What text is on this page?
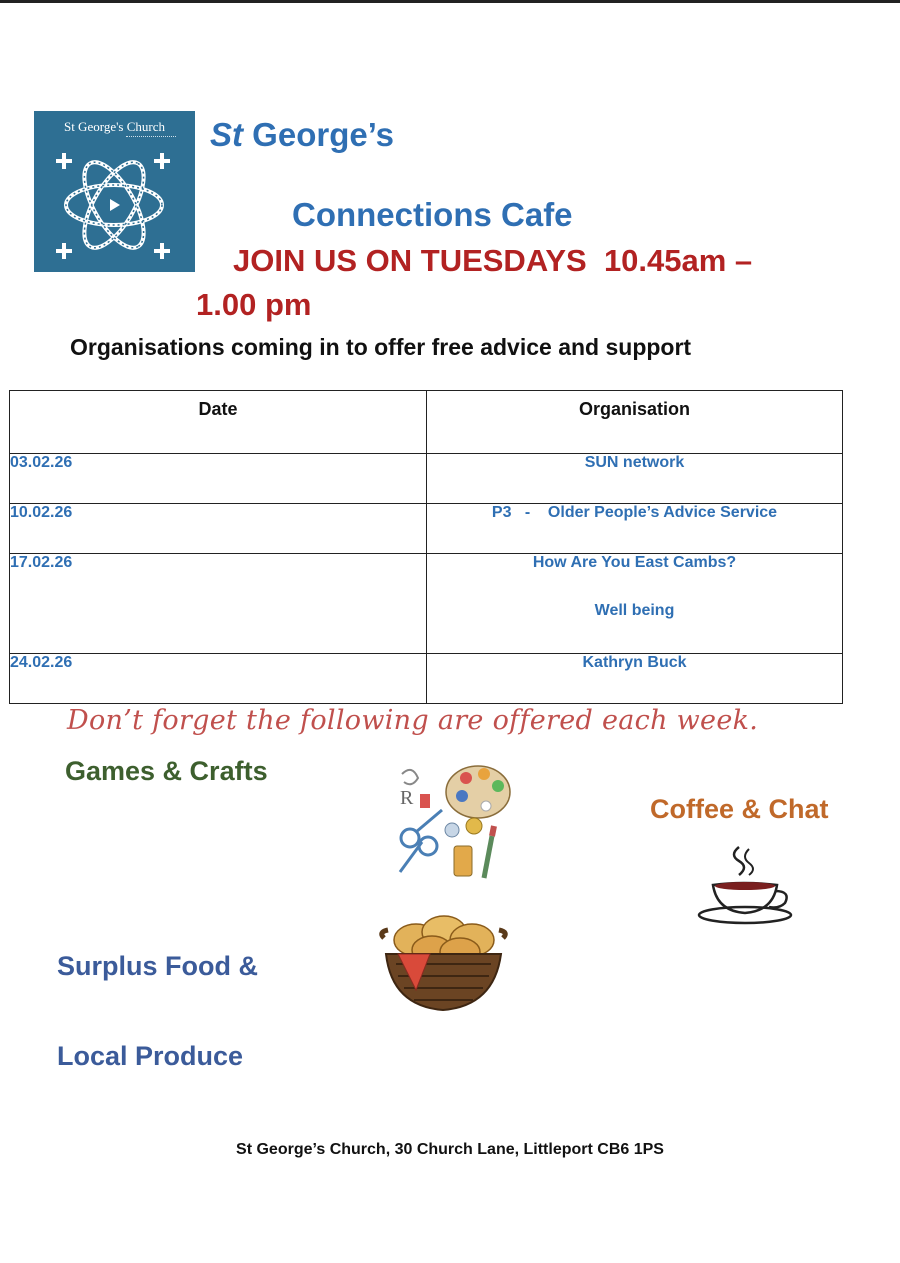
St George's Church	St George’s
Connections Cafe
JOIN US ON TUESDAYS  10.45am –
1.00 pm
Organisations coming in to offer free advice and support
Date	Organisation
03.02.26	SUN network
10.02.26	P3   -    Older People’s Advice Service
17.02.26	How Are You East Cambs?
Well being

24.02.26	Kathryn Buck
Don’t forget the following are offered each week.
Games & Crafts
Coffee & Chat
Surplus Food &
Local Produce
R
St George’s Church, 30 Church Lane, Littleport CB6 1PS
